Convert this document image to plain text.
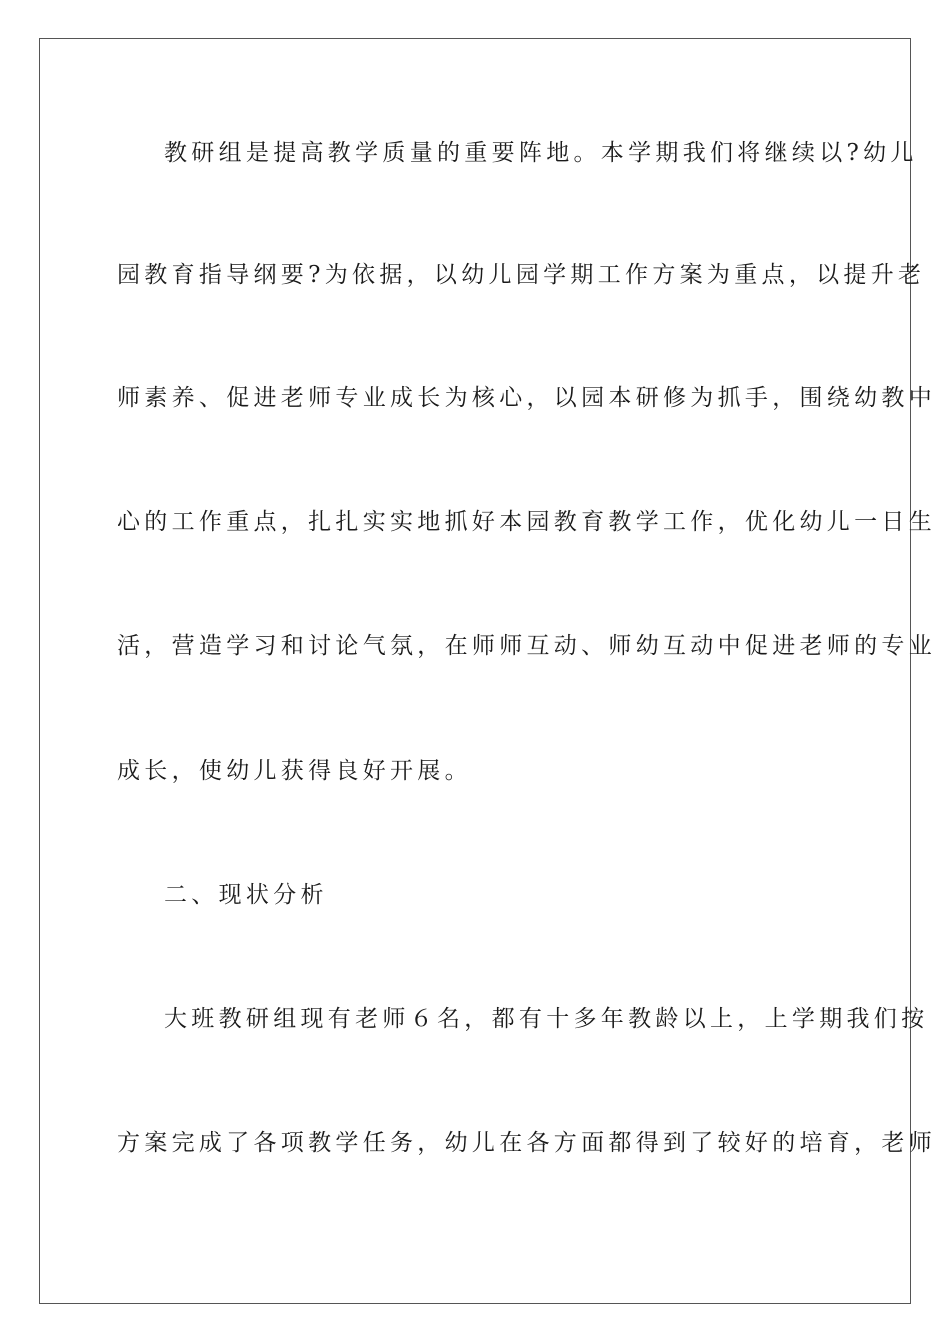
教研组是提高教学质量的重要阵地。本学期我们将继续以?幼儿
园教育指导纲要?为依据，以幼儿园学期工作方案为重点，以提升老
师素养、促进老师专业成长为核心，以园本研修为抓手，围绕幼教中
心的工作重点，扎扎实实地抓好本园教育教学工作，优化幼儿一日生
活，营造学习和讨论气氛，在师师互动、师幼互动中促进老师的专业
成长，使幼儿获得良好开展。
二、现状分析
大班教研组现有老师６名，都有十多年教龄以上，上学期我们按
方案完成了各项教学任务，幼儿在各方面都得到了较好的培育，老师
